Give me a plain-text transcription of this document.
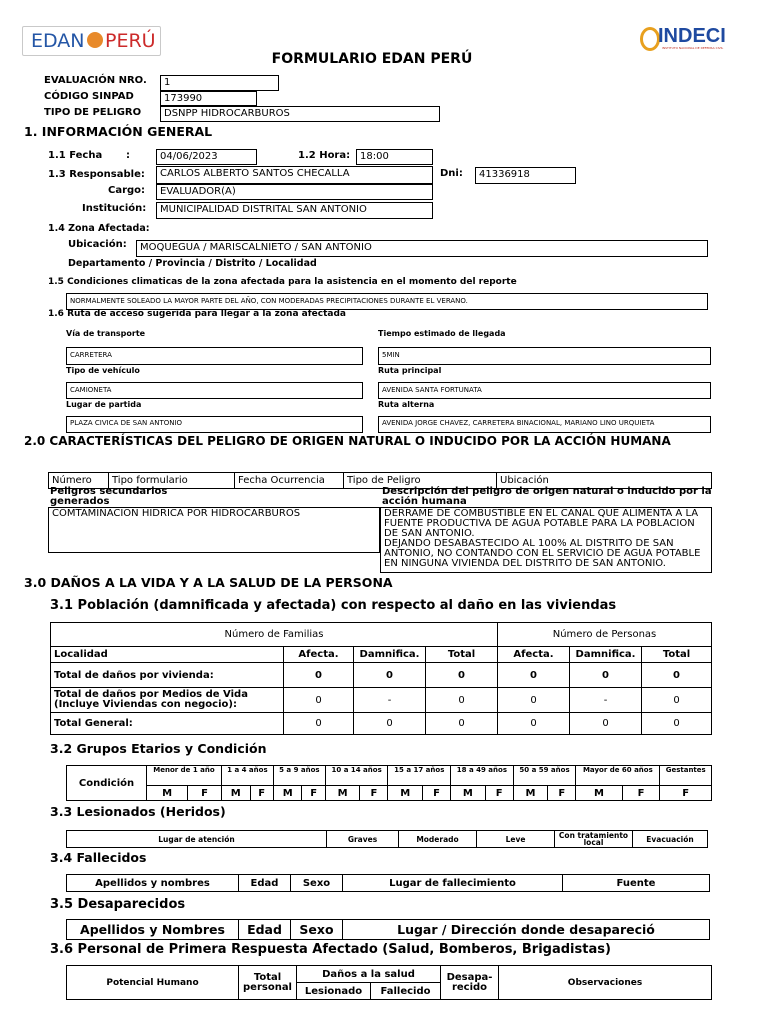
EDAN PERÚ	INDECI
INSTITUTO NACIONAL DE DEFENSA CIVIL
FORMULARIO EDAN PERÚ
EVALUACIÓN NRO.	1
CÓDIGO SINPAD	173990
TIPO DE PELIGRO	DSNPP HIDROCARBUROS
1. INFORMACIÓN GENERAL
1.1 Fecha :	04/06/2023	1.2 Hora: 18:00
1.3 Responsable:	CARLOS ALBERTO SANTOS CHECALLA	Dni:	41336918
Cargo:	EVALUADOR(A)
Institución:	MUNICIPALIDAD DISTRITAL SAN ANTONIO
1.4 Zona Afectada:
Ubicación:	MOQUEGUA / MARISCALNIETO / SAN ANTONIO
Departamento / Provincia / Distrito / Localidad
1.5 Condiciones climaticas de la zona afectada para la asistencia en el momento del reporte
NORMALMENTE SOLEADO LA MAYOR PARTE DEL AÑO, CON MODERADAS PRECIPITACIONES DURANTE EL VERANO.
1.6 Ruta de acceso sugerida para llegar a la zona afectada
Vía de transporte	Tiempo estimado de llegada
CARRETERA	5MIN
Tipo de vehículo	Ruta principal
CAMIONETA	AVENIDA SANTA FORTUNATA
Lugar de partida	Ruta alterna
PLAZA CIVICA DE SAN ANTONIO	AVENIDA JORGE CHAVEZ, CARRETERA BINACIONAL, MARIANO LINO URQUIETA
2.0 CARACTERÍSTICAS DEL PELIGRO DE ORIGEN NATURAL O INDUCIDO POR LA ACCIÓN HUMANA
Número	Tipo formulario	Fecha Ocurrencia	Tipo de Peligro	Ubicación
Peligros secundarios generados
Descripción del peligro de origen natural o inducido por la acción humana
COMTAMINACION HIDRICA POR HIDROCARBUROS	DERRAME DE COMBUSTIBLE EN EL CANAL QUE ALIMENTA A LA
FUENTE PRODUCTIVA DE AGUA POTABLE PARA LA POBLACION
DE SAN ANTONIO.
DEJANDO DESABASTECIDO AL 100% AL DISTRITO DE SAN
ANTONIO, NO CONTANDO CON EL SERVICIO DE AGUA POTABLE
EN NINGUNA VIVIENDA DEL DISTRITO DE SAN ANTONIO.
3.0 DAÑOS A LA VIDA Y A LA SALUD DE LA PERSONA
3.1 Población (damnificada y afectada) con respecto al daño en las viviendas
Número de Familias				Número de Personas		
Localidad	Afecta.	Damnifica.	Total	Afecta.	Damnifica.	Total
Total de daños por vivienda:	0	0	0	0	0	0
Total de daños por Medios de Vida (Incluye Viviendas con negocio):	0	-	0	0	-	0
Total General:	0	0	0	0	0	0
3.2 Grupos Etarios y Condición
Condición	Menor de 1 año		1 a 4 años		5 a 9 años		10 a 14 años		15 a 17 años		18 a 49 años		50 a 59 años		Mayor de 60 años		Gestantes
	M	F	M	F	M	F	M	F	M	F	M	F	M	F	M	F	F
3.3 Lesionados (Heridos)
Lugar de atención	Graves	Moderado	Leve	Con tratamiento local	Evacuación
3.4 Fallecidos
Apellidos y nombres	Edad	Sexo	Lugar de fallecimiento	Fuente
3.5 Desaparecidos
Apellidos y Nombres	Edad	Sexo	Lugar / Dirección donde desapareció
3.6 Personal de Primera Respuesta Afectado (Salud, Bomberos, Brigadistas)
Potencial Humano	Total personal	Daños a la salud		Desapa- recido	Observaciones
		Lesionado	Fallecido		
